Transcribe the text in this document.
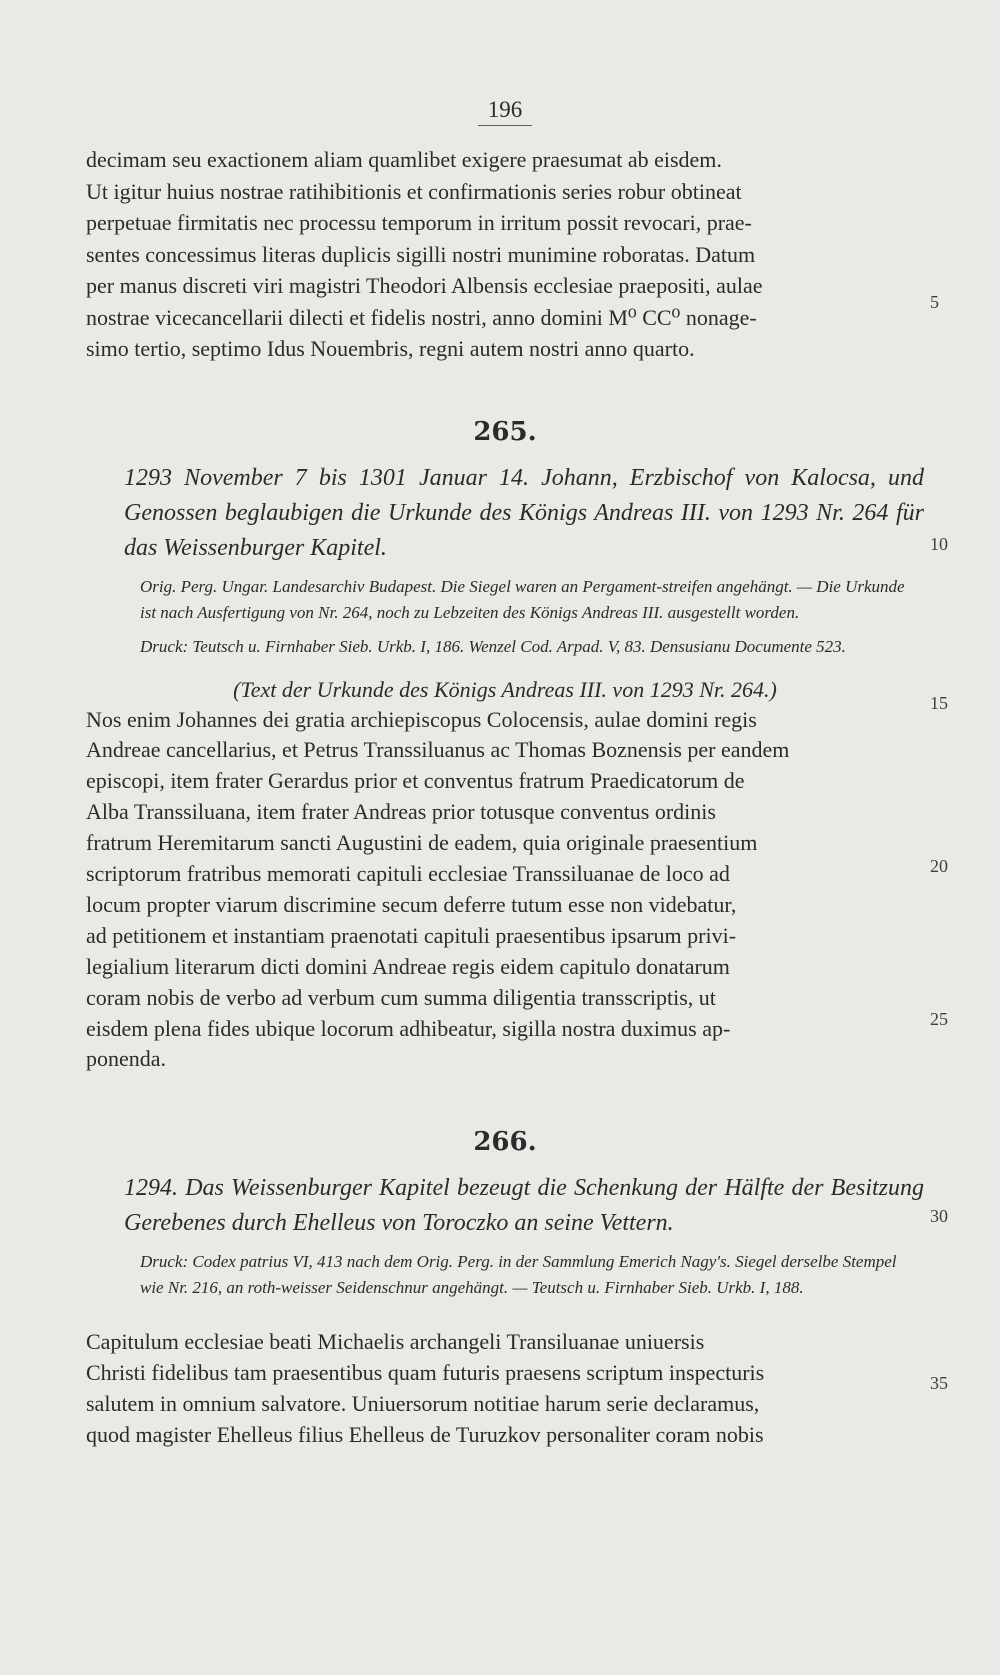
196
decimam seu exactionem aliam quamlibet exigere praesumat ab eisdem.
Ut igitur huius nostrae ratihibitionis et confirmationis series robur obtineat
perpetuae firmitatis nec processu temporum in irritum possit revocari, prae-
sentes concessimus literas duplicis sigilli nostri munimine roboratas. Datum
per manus discreti viri magistri Theodori Albensis ecclesiae praepositi, aulae
nostrae vicecancellarii dilecti et fidelis nostri, anno domini M⁰ CC⁰ nonage-
simo tertio, septimo Idus Nouembris, regni autem nostri anno quarto.
265.
1293 November 7 bis 1301 Januar 14. Johann, Erzbischof von Kalocsa, und Genossen beglaubigen die Urkunde des Königs Andreas III. von 1293 Nr. 264 für das Weissenburger Kapitel.
Orig. Perg. Ungar. Landesarchiv Budapest. Die Siegel waren an Pergament-streifen angehängt. — Die Urkunde ist nach Ausfertigung von Nr. 264, noch zu Lebzeiten des Königs Andreas III. ausgestellt worden.
Druck: Teutsch u. Firnhaber Sieb. Urkb. I, 186. Wenzel Cod. Arpad. V, 83. Densusianu Documente 523.
(Text der Urkunde des Königs Andreas III. von 1293 Nr. 264.)
Nos enim Johannes dei gratia archiepiscopus Colocensis, aulae domini regis
Andreae cancellarius, et Petrus Transsiluanus ac Thomas Boznensis per eandem
episcopi, item frater Gerardus prior et conventus fratrum Praedicatorum de
Alba Transsiluana, item frater Andreas prior totusque conventus ordinis
fratrum Heremitarum sancti Augustini de eadem, quia originale praesentium
scriptorum fratribus memorati capituli ecclesiae Transsiluanae de loco ad
locum propter viarum discrimine secum deferre tutum esse non videbatur,
ad petitionem et instantiam praenotati capituli praesentibus ipsarum privi-
legialium literarum dicti domini Andreae regis eidem capitulo donatarum
coram nobis de verbo ad verbum cum summa diligentia transscriptis, ut
eisdem plena fides ubique locorum adhibeatur, sigilla nostra duximus ap-
ponenda.
266.
1294. Das Weissenburger Kapitel bezeugt die Schenkung der Hälfte der Besitzung Gerebenes durch Ehelleus von Toroczko an seine Vettern.
Druck: Codex patrius VI, 413 nach dem Orig. Perg. in der Sammlung Emerich Nagy's. Siegel derselbe Stempel wie Nr. 216, an roth-weisser Seidenschnur angehängt. — Teutsch u. Firnhaber Sieb. Urkb. I, 188.
Capitulum ecclesiae beati Michaelis archangeli Transiluanae uniuersis
Christi fidelibus tam praesentibus quam futuris praesens scriptum inspecturis
salutem in omnium salvatore. Uniuersorum notitiae harum serie declaramus,
quod magister Ehelleus filius Ehelleus de Turuzkov personaliter coram nobis
5
10
15
20
25
30
35
